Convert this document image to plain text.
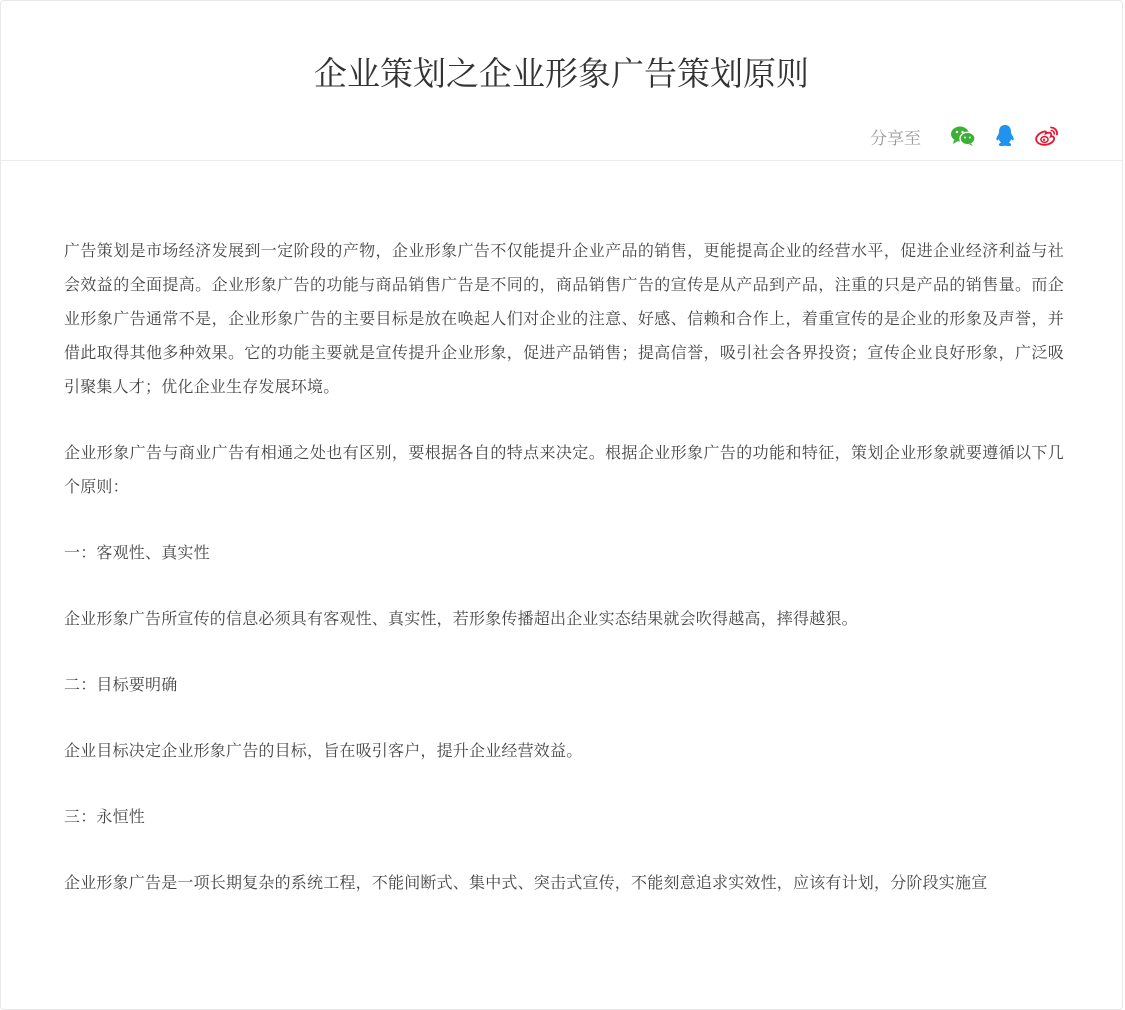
企业策划之企业形象广告策划原则
分享至

广告策划是市场经济发展到一定阶段的产物，企业形象广告不仅能提升企业产品的销售，更能提高企业的经营水平，促进企业经济利益与社会效益的全面提高。企业形象广告的功能与商品销售广告是不同的，商品销售广告的宣传是从产品到产品，注重的只是产品的销售量。而企业形象广告通常不是，企业形象广告的主要目标是放在唤起人们对企业的注意、好感、信赖和合作上，着重宣传的是企业的形象及声誉，并借此取得其他多种效果。它的功能主要就是宣传提升企业形象，促进产品销售；提高信誉，吸引社会各界投资；宣传企业良好形象，广泛吸引聚集人才；优化企业生存发展环境。

企业形象广告与商业广告有相通之处也有区别，要根据各自的特点来决定。根据企业形象广告的功能和特征，策划企业形象就要遵循以下几个原则：

一：客观性、真实性

企业形象广告所宣传的信息必须具有客观性、真实性，若形象传播超出企业实态结果就会吹得越高，摔得越狠。

二：目标要明确

企业目标决定企业形象广告的目标，旨在吸引客户，提升企业经营效益。

三：永恒性

企业形象广告是一项长期复杂的系统工程，不能间断式、集中式、突击式宣传，不能刻意追求实效性，应该有计划，分阶段实施宣
